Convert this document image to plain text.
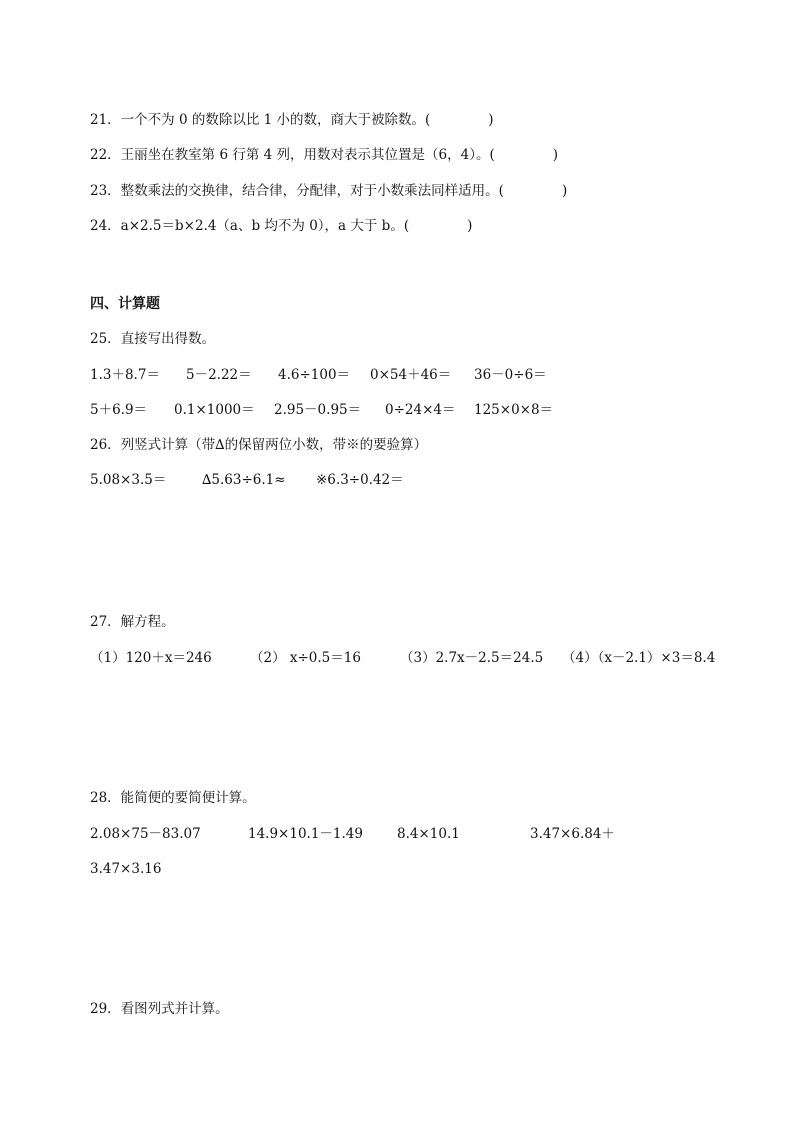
21．一个不为 0 的数除以比 1 小的数，商大于被除数。(	)
22．王丽坐在教室第 6 行第 4 列，用数对表示其位置是（6，4）。(	)
23．整数乘法的交换律，结合律，分配律，对于小数乘法同样适用。(	)
24．a×2.5＝b×2.4（a、b 均不为 0），a 大于 b。(	)
四、计算题
25．直接写出得数。
1.3＋8.7＝ 5－2.22＝ 4.6÷100＝ 0×54＋46＝ 36－0÷6＝
5＋6.9＝ 0.1×1000＝ 2.95－0.95＝ 0÷24×4＝ 125×0×8＝
26．列竖式计算（带∆的保留两位小数，带※的要验算）
5.08×3.5＝	∆5.63÷6.1≈ ※6.3÷0.42＝
27．解方程。
（1）120＋x＝246	（2） x÷0.5＝16	（3）2.7x－2.5＝24.5 （4）（x－2.1）×3＝8.4
28．能简便的要简便计算。
2.08×75－83.07	14.9×10.1－1.49	8.4×10.1	3.47×6.84＋
3.47×3.16
29．看图列式并计算。
